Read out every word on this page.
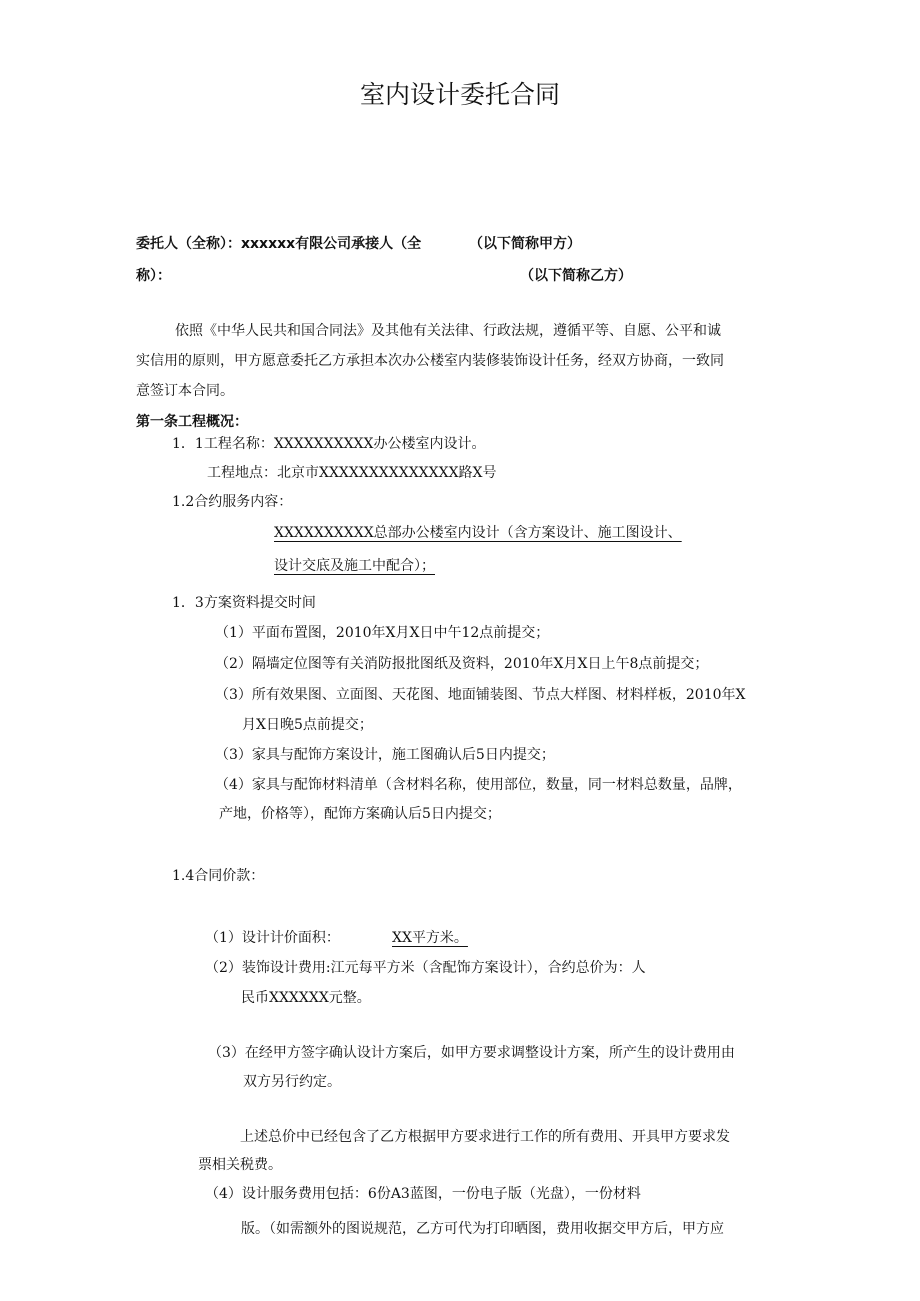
室内设计委托合同
委托人（全称）：xxxxxx有限公司承接人（全	（以下简称甲方）
称）：	（以下简称乙方）
依照《中华人民共和国合同法》及其他有关法律、行政法规，遵循平等、自愿、公平和诚
实信用的原则，甲方愿意委托乙方承担本次办公楼室内装修装饰设计任务，经双方协商，一致同
意签订本合同。
第一条工程概况：
1．1工程名称：XXXXXXXXXX办公楼室内设计。
工程地点：北京市XXXXXXXXXXXXXX路X号
1.2合约服务内容：
XXXXXXXXXX总部办公楼室内设计（含方案设计、施工图设计、
设计交底及施工中配合）；
1．3方案资料提交时间
（1）平面布置图，2010年X月X日中午12点前提交；
（2）隔墙定位图等有关消防报批图纸及资料，2010年X月X日上午8点前提交；
（3）所有效果图、立面图、天花图、地面铺装图、节点大样图、材料样板，2010年X
月X日晚5点前提交；
（3）家具与配饰方案设计，施工图确认后5日内提交；
（4）家具与配饰材料清单（含材料名称，使用部位，数量，同一材料总数量，品牌，
产地，价格等），配饰方案确认后5日内提交；
1.4合同价款：
（1）设计计价面积：	XX平方米。
（2）装饰设计费用:江元每平方米（含配饰方案设计），合约总价为：人
民币XXXXXX元整。
（3）在经甲方签字确认设计方案后，如甲方要求调整设计方案，所产生的设计费用由
双方另行约定。
上述总价中已经包含了乙方根据甲方要求进行工作的所有费用、开具甲方要求发
票相关税费。
（4）设计服务费用包括：6份A3蓝图，一份电子版（光盘），一份材料
版。（如需额外的图说规范，乙方可代为打印晒图，费用收据交甲方后，甲方应
